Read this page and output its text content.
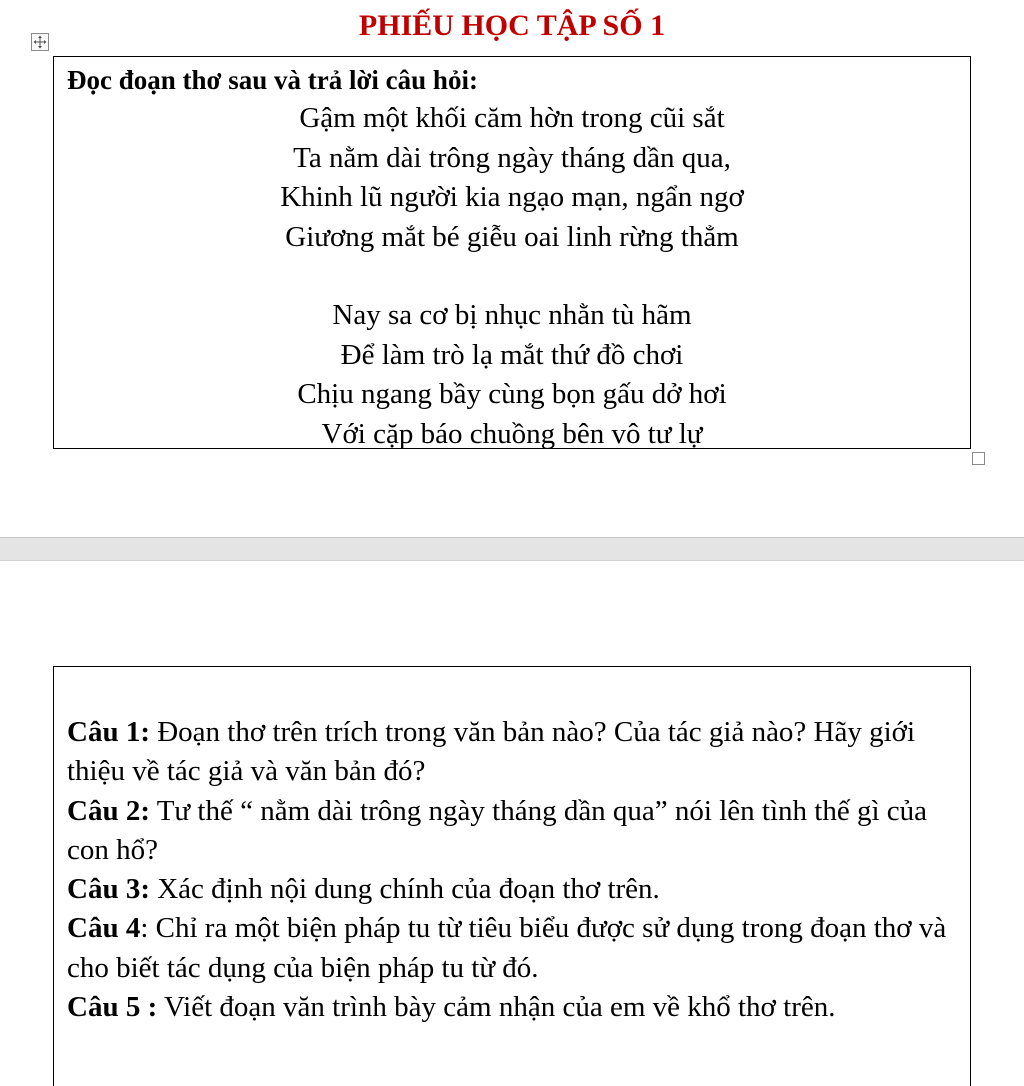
PHIẾU HỌC TẬP SỐ 1
Đọc đoạn thơ sau và trả lời câu hỏi:
Gậm một khối căm hờn trong cũi sắt
Ta nằm dài trông ngày tháng dần qua,
Khinh lũ người kia ngạo mạn, ngẩn ngơ
Giương mắt bé giễu oai linh rừng thẳm
Nay sa cơ bị nhục nhằn tù hãm
Để làm trò lạ mắt thứ đồ chơi
Chịu ngang bầy cùng bọn gấu dở hơi
Với cặp báo chuồng bên vô tư lự
Câu 1: Đoạn thơ trên trích trong văn bản nào? Của tác giả nào? Hãy giới thiệu về tác giả và văn bản đó?
Câu 2: Tư thế “ nằm dài trông ngày tháng dần qua” nói lên tình thế gì của con hổ?
Câu 3: Xác định nội dung chính của đoạn thơ trên.
Câu 4: Chỉ ra một biện pháp tu từ tiêu biểu được sử dụng trong đoạn thơ và cho biết tác dụng của biện pháp tu từ đó.
Câu 5 : Viết đoạn văn trình bày cảm nhận của em về khổ thơ trên.
